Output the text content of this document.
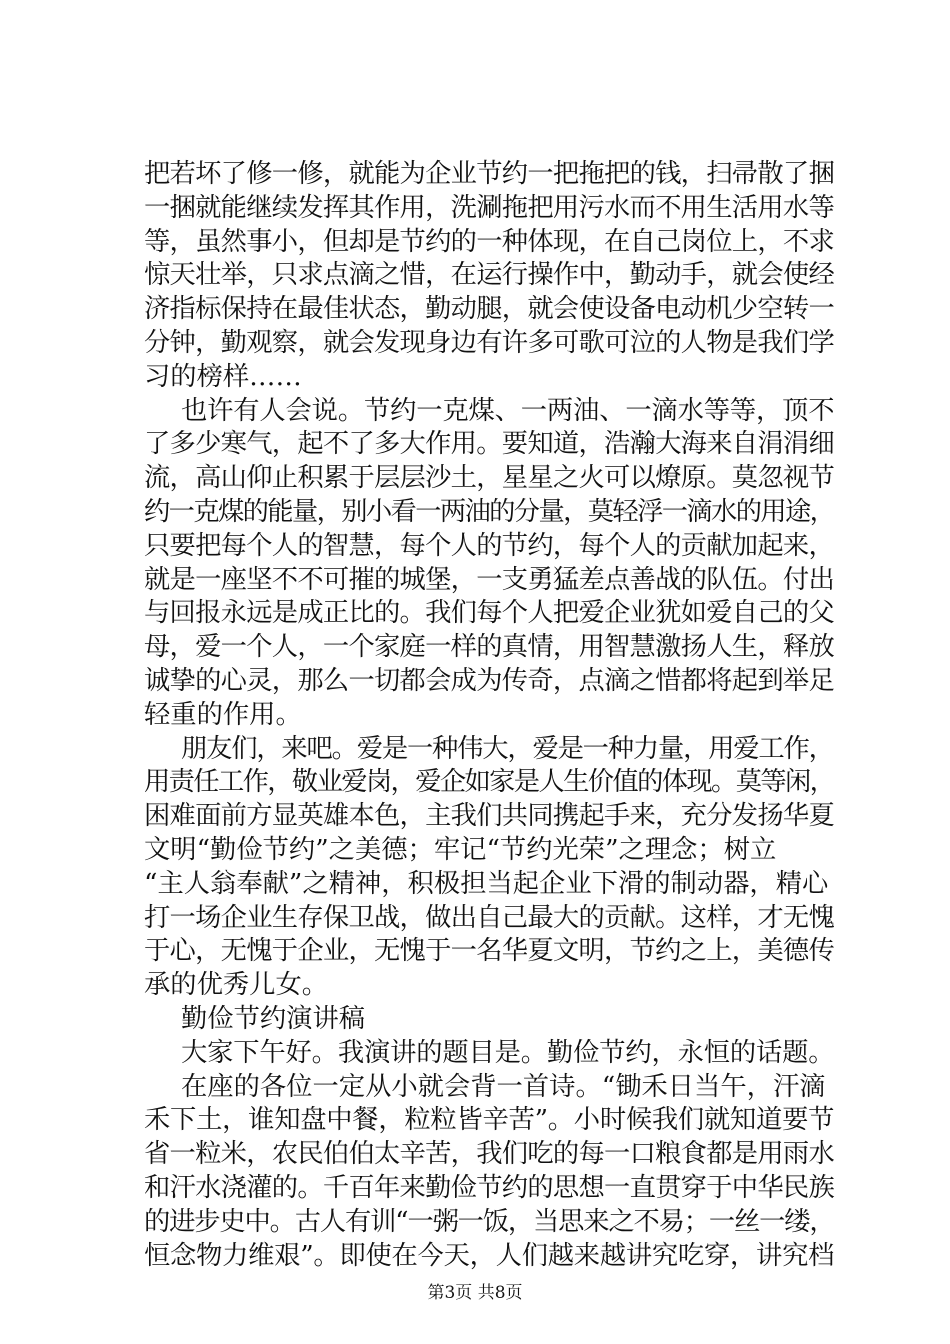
把若坏了修一修，就能为企业节约一把拖把的钱，扫帚散了捆
一捆就能继续发挥其作用，洗涮拖把用污水而不用生活用水等
等，虽然事小，但却是节约的一种体现，在自己岗位上，不求
惊天壮举，只求点滴之惜，在运行操作中，勤动手，就会使经
济指标保持在最佳状态，勤动腿，就会使设备电动机少空转一
分钟，勤观察，就会发现身边有许多可歌可泣的人物是我们学
习的榜样……
也许有人会说。节约一克煤、一两油、一滴水等等，顶不
了多少寒气，起不了多大作用。要知道，浩瀚大海来自涓涓细
流，高山仰止积累于层层沙土，星星之火可以燎原。莫忽视节
约一克煤的能量，别小看一两油的分量，莫轻浮一滴水的用途，
只要把每个人的智慧，每个人的节约，每个人的贡献加起来，
就是一座坚不不可摧的城堡，一支勇猛差点善战的队伍。付出
与回报永远是成正比的。我们每个人把爱企业犹如爱自己的父
母，爱一个人，一个家庭一样的真情，用智慧激扬人生，释放
诚挚的心灵，那么一切都会成为传奇，点滴之惜都将起到举足
轻重的作用。
朋友们，来吧。爱是一种伟大，爱是一种力量，用爱工作，
用责任工作，敬业爱岗，爱企如家是人生价值的体现。莫等闲，
困难面前方显英雄本色，主我们共同携起手来，充分发扬华夏
文明“勤俭节约”之美德；牢记“节约光荣”之理念；树立
“主人翁奉献”之精神，积极担当起企业下滑的制动器，精心
打一场企业生存保卫战，做出自己最大的贡献。这样，才无愧
于心，无愧于企业，无愧于一名华夏文明，节约之上，美德传
承的优秀儿女。
勤俭节约演讲稿
大家下午好。我演讲的题目是。勤俭节约，永恒的话题。
在座的各位一定从小就会背一首诗。“锄禾日当午，汗滴
禾下土，谁知盘中餐，粒粒皆辛苦”。小时候我们就知道要节
省一粒米，农民伯伯太辛苦，我们吃的每一口粮食都是用雨水
和汗水浇灌的。千百年来勤俭节约的思想一直贯穿于中华民族
的进步史中。古人有训“一粥一饭，当思来之不易；一丝一缕，
恒念物力维艰”。即使在今天，人们越来越讲究吃穿，讲究档
第3页 共8页
